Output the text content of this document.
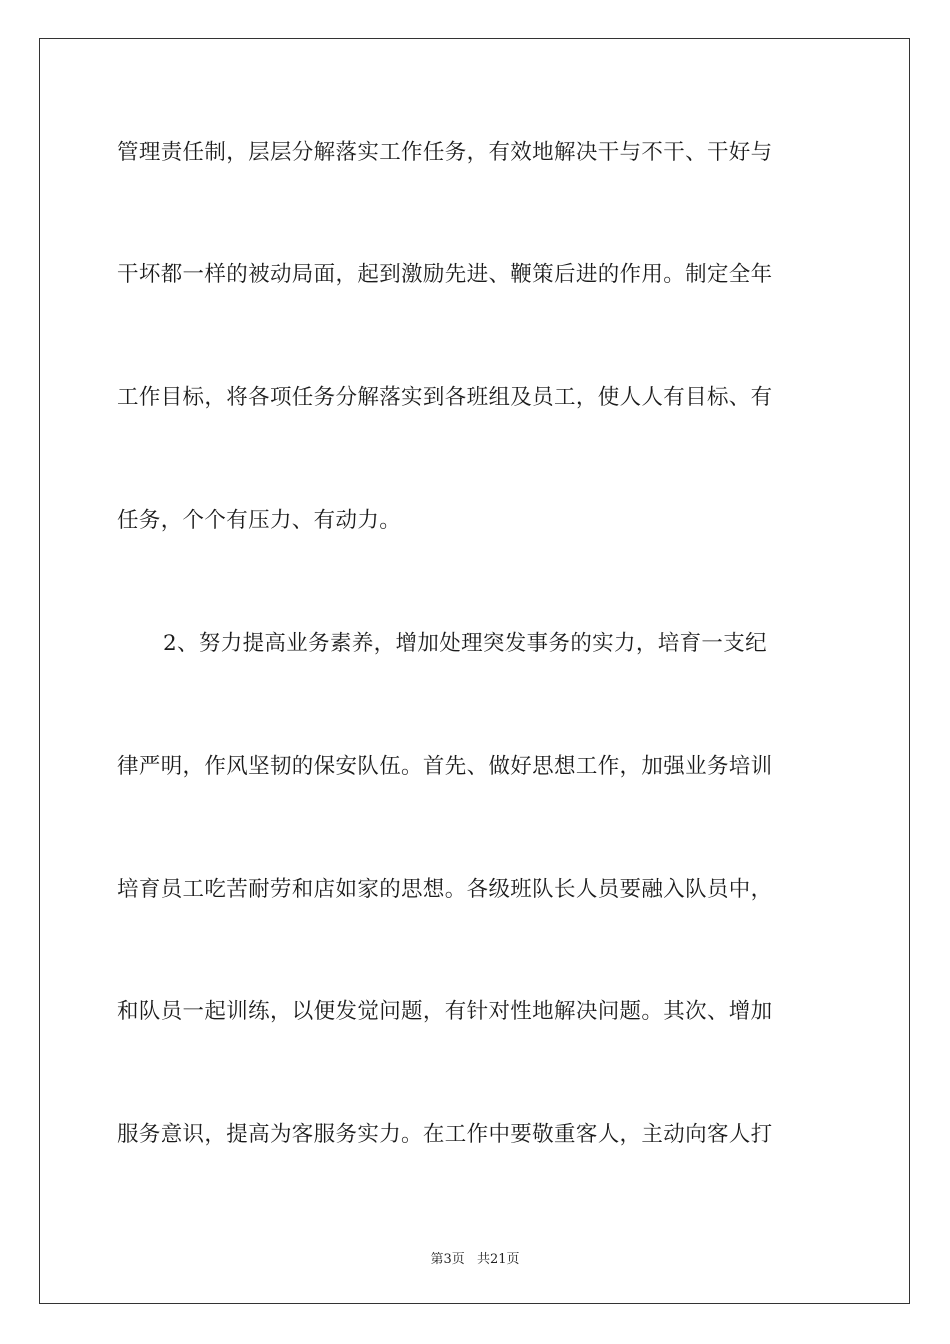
管理责任制，层层分解落实工作任务，有效地解决干与不干、干好与
干坏都一样的被动局面，起到激励先进、鞭策后进的作用。制定全年
工作目标，将各项任务分解落实到各班组及员工，使人人有目标、有
任务，个个有压力、有动力。
2、努力提高业务素养，增加处理突发事务的实力，培育一支纪
律严明，作风坚韧的保安队伍。首先、做好思想工作，加强业务培训
培育员工吃苦耐劳和店如家的思想。各级班队长人员要融入队员中，
和队员一起训练，以便发觉问题，有针对性地解决问题。其次、增加
服务意识，提高为客服务实力。在工作中要敬重客人，主动向客人打
第3页 共21页
